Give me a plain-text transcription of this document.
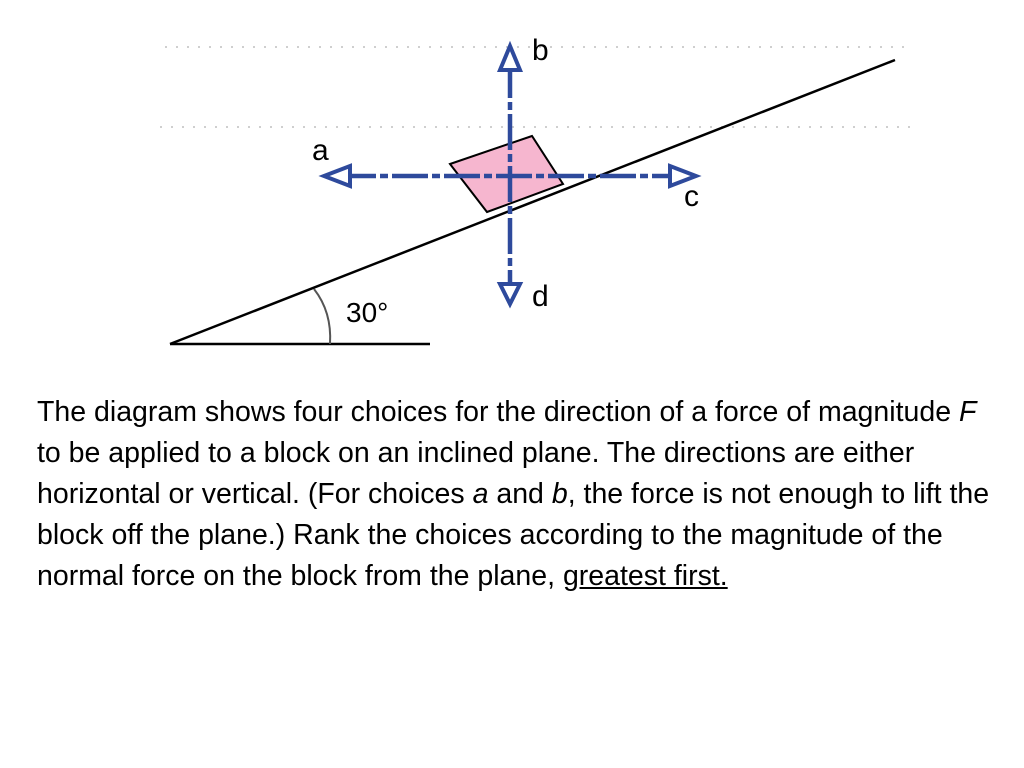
30°
a
b
c
d

The diagram shows four choices for the direction of a force of magnitude F to be applied to a block on an inclined plane. The directions are either horizontal or vertical. (For choices a and b, the force is not enough to lift the block off the plane.) Rank the choices according to the magnitude of the normal force on the block from the plane, greatest first.
